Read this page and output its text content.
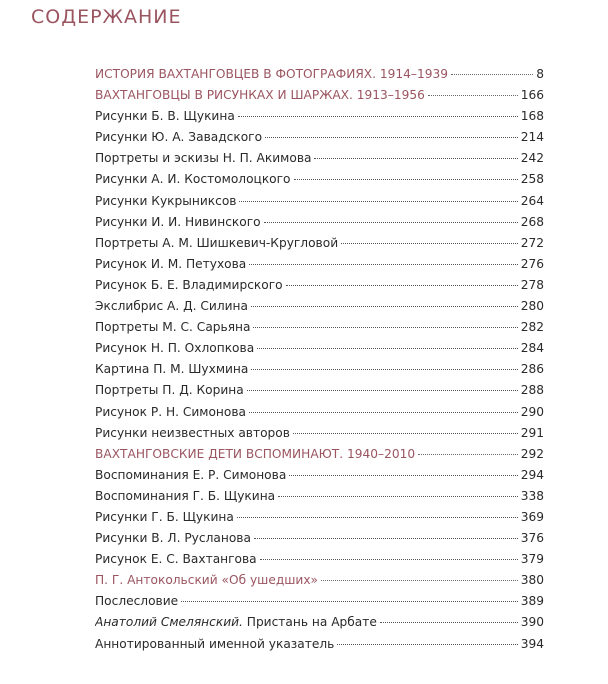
СОДЕРЖАНИЕ
ИСТОРИЯ ВАХТАНГОВЦЕВ В ФОТОГРАФИЯХ. 1914–1939	8
ВАХТАНГОВЦЫ В РИСУНКАХ И ШАРЖАХ. 1913–1956	166
Рисунки Б. В. Щукина	168
Рисунки Ю. А. Завадского	214
Портреты и эскизы Н. П. Акимова	242
Рисунки А. И. Костомолоцкого	258
Рисунки Кукрыниксов	264
Рисунки И. И. Нивинского	268
Портреты А. М. Шишкевич-Кругловой	272
Рисунок И. М. Петухова	276
Рисунок Б. Е. Владимирского	278
Экслибрис А. Д. Силина	280
Портреты М. С. Сарьяна	282
Рисунок Н. П. Охлопкова	284
Картина П. М. Шухмина	286
Портреты П. Д. Корина	288
Рисунок Р. Н. Симонова	290
Рисунки неизвестных авторов	291
ВАХТАНГОВСКИЕ ДЕТИ ВСПОМИНАЮТ. 1940–2010	292
Воспоминания Е. Р. Симонова	294
Воспоминания Г. Б. Щукина	338
Рисунки Г. Б. Щукина	369
Рисунки В. Л. Русланова	376
Рисунок Е. С. Вахтангова	379
П. Г. Антокольский «Об ушедших»	380
Послесловие	389
Анатолий Смелянский. Пристань на Арбате	390
Аннотированный именной указатель	394
